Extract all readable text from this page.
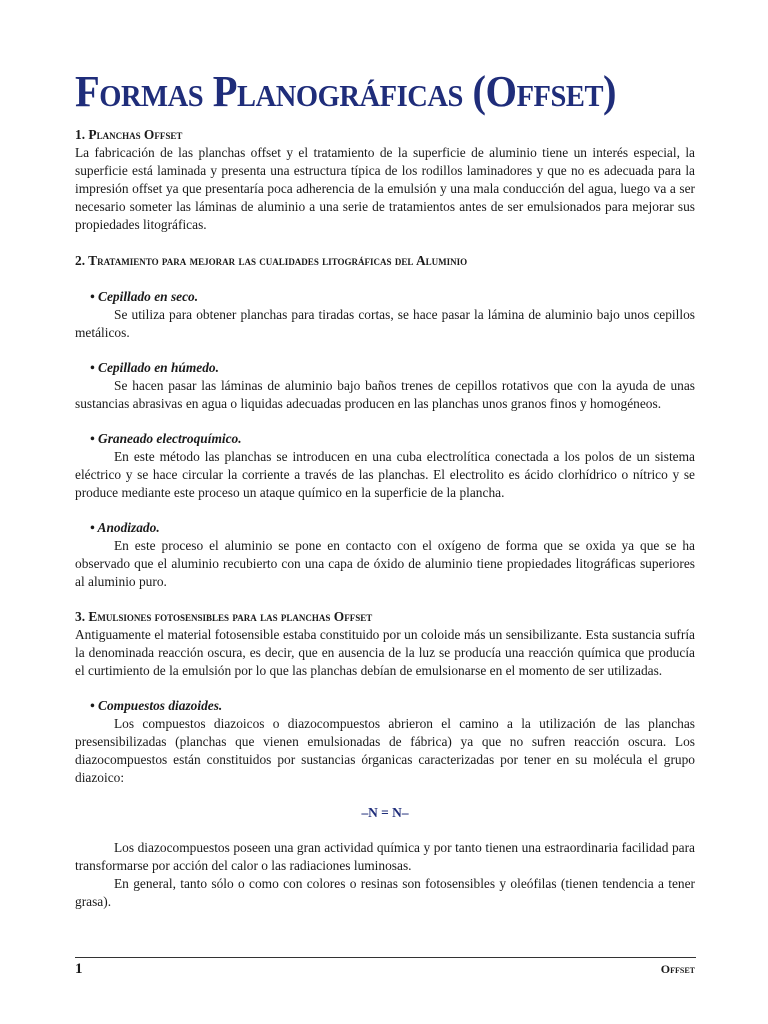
Formas Planográficas (Offset)
1. Planchas Offset

La fabricación de las planchas offset y el tratamiento de la superficie de aluminio tiene un interés especial, la superficie está laminada y presenta una estructura típica de los rodillos laminadores y que no es adecuada para la impresión offset ya que presentaría poca adherencia de la emulsión y una mala conducción del agua, luego va a ser necesario someter las láminas de aluminio a una serie de tratamientos antes de ser emulsionados para mejorar sus propiedades litográficas.

2. Tratamiento para mejorar las cualidades litográficas del Aluminio
• Cepillado en seco.

Se utiliza para obtener planchas para tiradas cortas, se hace pasar la lámina de aluminio bajo unos cepillos metálicos.

• Cepillado en húmedo.

Se hacen pasar las láminas de aluminio bajo baños trenes de cepillos rotativos que con la ayuda de unas sustancias abrasivas en agua o liquidas adecuadas producen en las planchas unos granos finos y homogéneos.

• Graneado electroquímico.

En este método las planchas se introducen en una cuba electrolítica conectada a los polos de un sistema eléctrico y se hace circular la corriente a través de las planchas. El electrolito es ácido clorhídrico o nítrico y se produce mediante este proceso un ataque químico en la superficie de la plancha.

• Anodizado.

En este proceso el aluminio se pone en contacto con el oxígeno de forma que se oxida ya que se ha observado que el aluminio recubierto con una capa de óxido de aluminio tiene propiedades litográficas superiores al aluminio puro.

3. Emulsiones fotosensibles para las planchas Offset

Antiguamente el material fotosensible estaba constituido por un coloide más un sensibilizante. Esta sustancia sufría la denominada reacción oscura, es decir, que en ausencia de la luz se producía una reacción química que producía el curtimiento de la emulsión por lo que las planchas debían de emulsionarse en el momento de ser utilizadas.

• Compuestos diazoides.

Los compuestos diazoicos o diazocompuestos abrieron el camino a la utilización de las planchas presensibilizadas (planchas que vienen emulsionadas de fábrica) ya que no sufren reacción oscura. Los diazocompuestos están constituidos por sustancias órganicas caracterizadas por tener en su molécula el grupo diazoico:

–N = N–

Los diazocompuestos poseen una gran actividad química y por tanto tienen una estraordinaria facilidad para transformarse por acción del calor o las radiaciones luminosas.

En general, tanto sólo o como con colores o resinas son fotosensibles y oleófilas (tienen tendencia a tener grasa).

1	Offset
